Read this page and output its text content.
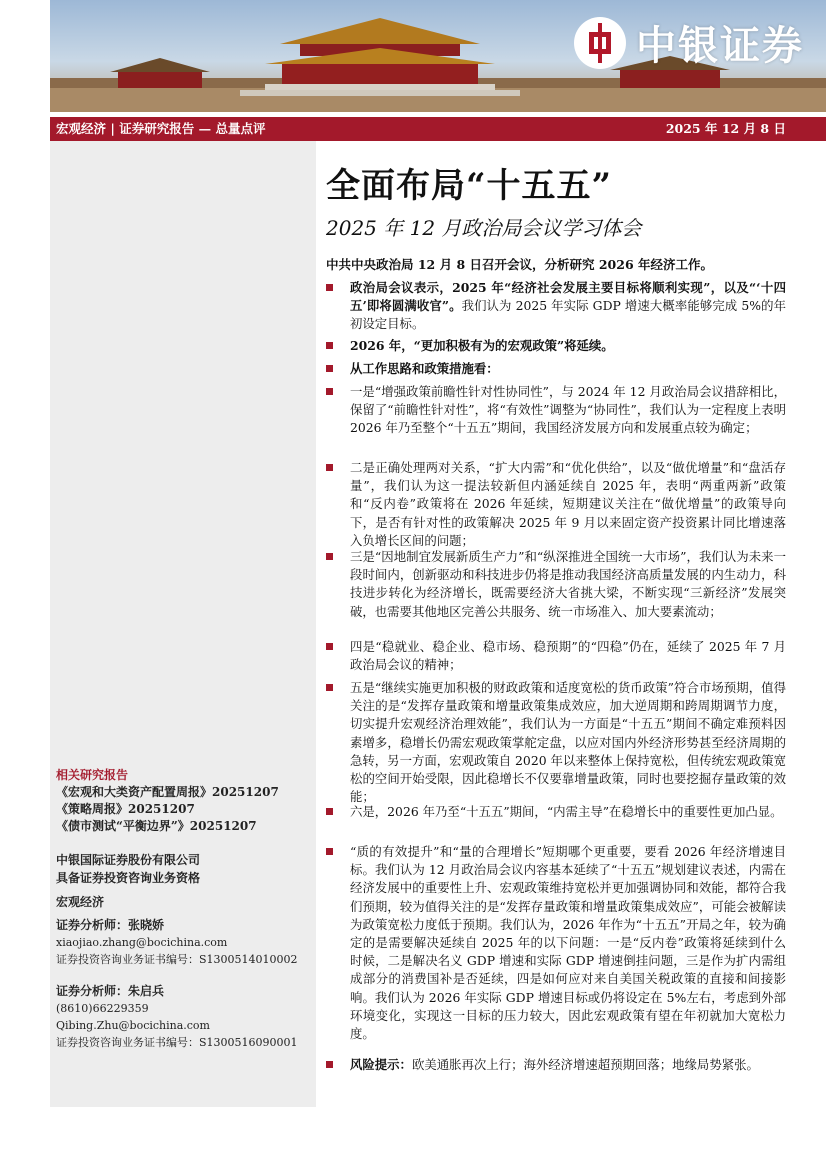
中银证券
宏观经济 | 证券研究报告 — 总量点评	2025 年 12 月 8 日
相关研究报告
《宏观和大类资产配置周报》20251207
《策略周报》20251207
《债市测试“平衡边界”》20251207
中银国际证券股份有限公司
具备证券投资咨询业务资格
宏观经济
证券分析师：张晓娇
xiaojiao.zhang@bocichina.com
证券投资咨询业务证书编号：S1300514010002
证券分析师：朱启兵
(8610)66229359
Qibing.Zhu@bocichina.com
证券投资咨询业务证书编号：S1300516090001
全面布局“十五五”
2025 年 12 月政治局会议学习体会
中共中央政治局 12 月 8 日召开会议，分析研究 2026 年经济工作。
政治局会议表示，2025 年“经济社会发展主要目标将顺利实现”，以及“‘十四五’即将圆满收官”。我们认为 2025 年实际 GDP 增速大概率能够完成 5%的年初设定目标。
2026 年，“更加积极有为的宏观政策”将延续。
从工作思路和政策措施看：
一是“增强政策前瞻性针对性协同性”，与 2024 年 12 月政治局会议措辞相比，保留了“前瞻性针对性”，将“有效性”调整为“协同性”，我们认为一定程度上表明 2026 年乃至整个“十五五”期间，我国经济发展方向和发展重点较为确定；
二是正确处理两对关系，“扩大内需”和“优化供给”，以及“做优增量”和“盘活存量”，我们认为这一提法较新但内涵延续自 2025 年，表明“两重两新”政策和“反内卷”政策将在 2026 年延续，短期建议关注在“做优增量”的政策导向下，是否有针对性的政策解决 2025 年 9 月以来固定资产投资累计同比增速落入负增长区间的问题；
三是“因地制宜发展新质生产力”和“纵深推进全国统一大市场”，我们认为未来一段时间内，创新驱动和科技进步仍将是推动我国经济高质量发展的内生动力，科技进步转化为经济增长，既需要经济大省挑大梁，不断实现“三新经济”发展突破，也需要其他地区完善公共服务、统一市场准入、加大要素流动；
四是“稳就业、稳企业、稳市场、稳预期”的“四稳”仍在，延续了 2025 年 7 月政治局会议的精神；
五是“继续实施更加积极的财政政策和适度宽松的货币政策”符合市场预期，值得关注的是“发挥存量政策和增量政策集成效应，加大逆周期和跨周期调节力度，切实提升宏观经济治理效能”，我们认为一方面是“十五五”期间不确定难预料因素增多，稳增长仍需宏观政策掌舵定盘，以应对国内外经济形势甚至经济周期的急转，另一方面，宏观政策自 2020 年以来整体上保持宽松，但传统宏观政策宽松的空间开始受限，因此稳增长不仅要靠增量政策，同时也要挖掘存量政策的效能；
六是，2026 年乃至“十五五”期间，“内需主导”在稳增长中的重要性更加凸显。
“质的有效提升”和“量的合理增长”短期哪个更重要，要看 2026 年经济增速目标。我们认为 12 月政治局会议内容基本延续了“十五五”规划建议表述，内需在经济发展中的重要性上升、宏观政策维持宽松并更加强调协同和效能，都符合我们预期，较为值得关注的是“发挥存量政策和增量政策集成效应”，可能会被解读为政策宽松力度低于预期。我们认为，2026 年作为“十五五”开局之年，较为确定的是需要解决延续自 2025 年的以下问题：一是“反内卷”政策将延续到什么时候，二是解决名义 GDP 增速和实际 GDP 增速倒挂问题，三是作为扩内需组成部分的消费国补是否延续，四是如何应对来自美国关税政策的直接和间接影响。我们认为 2026 年实际 GDP 增速目标或仍将设定在 5%左右，考虑到外部环境变化，实现这一目标的压力较大，因此宏观政策有望在年初就加大宽松力度。
风险提示：欧美通胀再次上行；海外经济增速超预期回落；地缘局势紧张。
